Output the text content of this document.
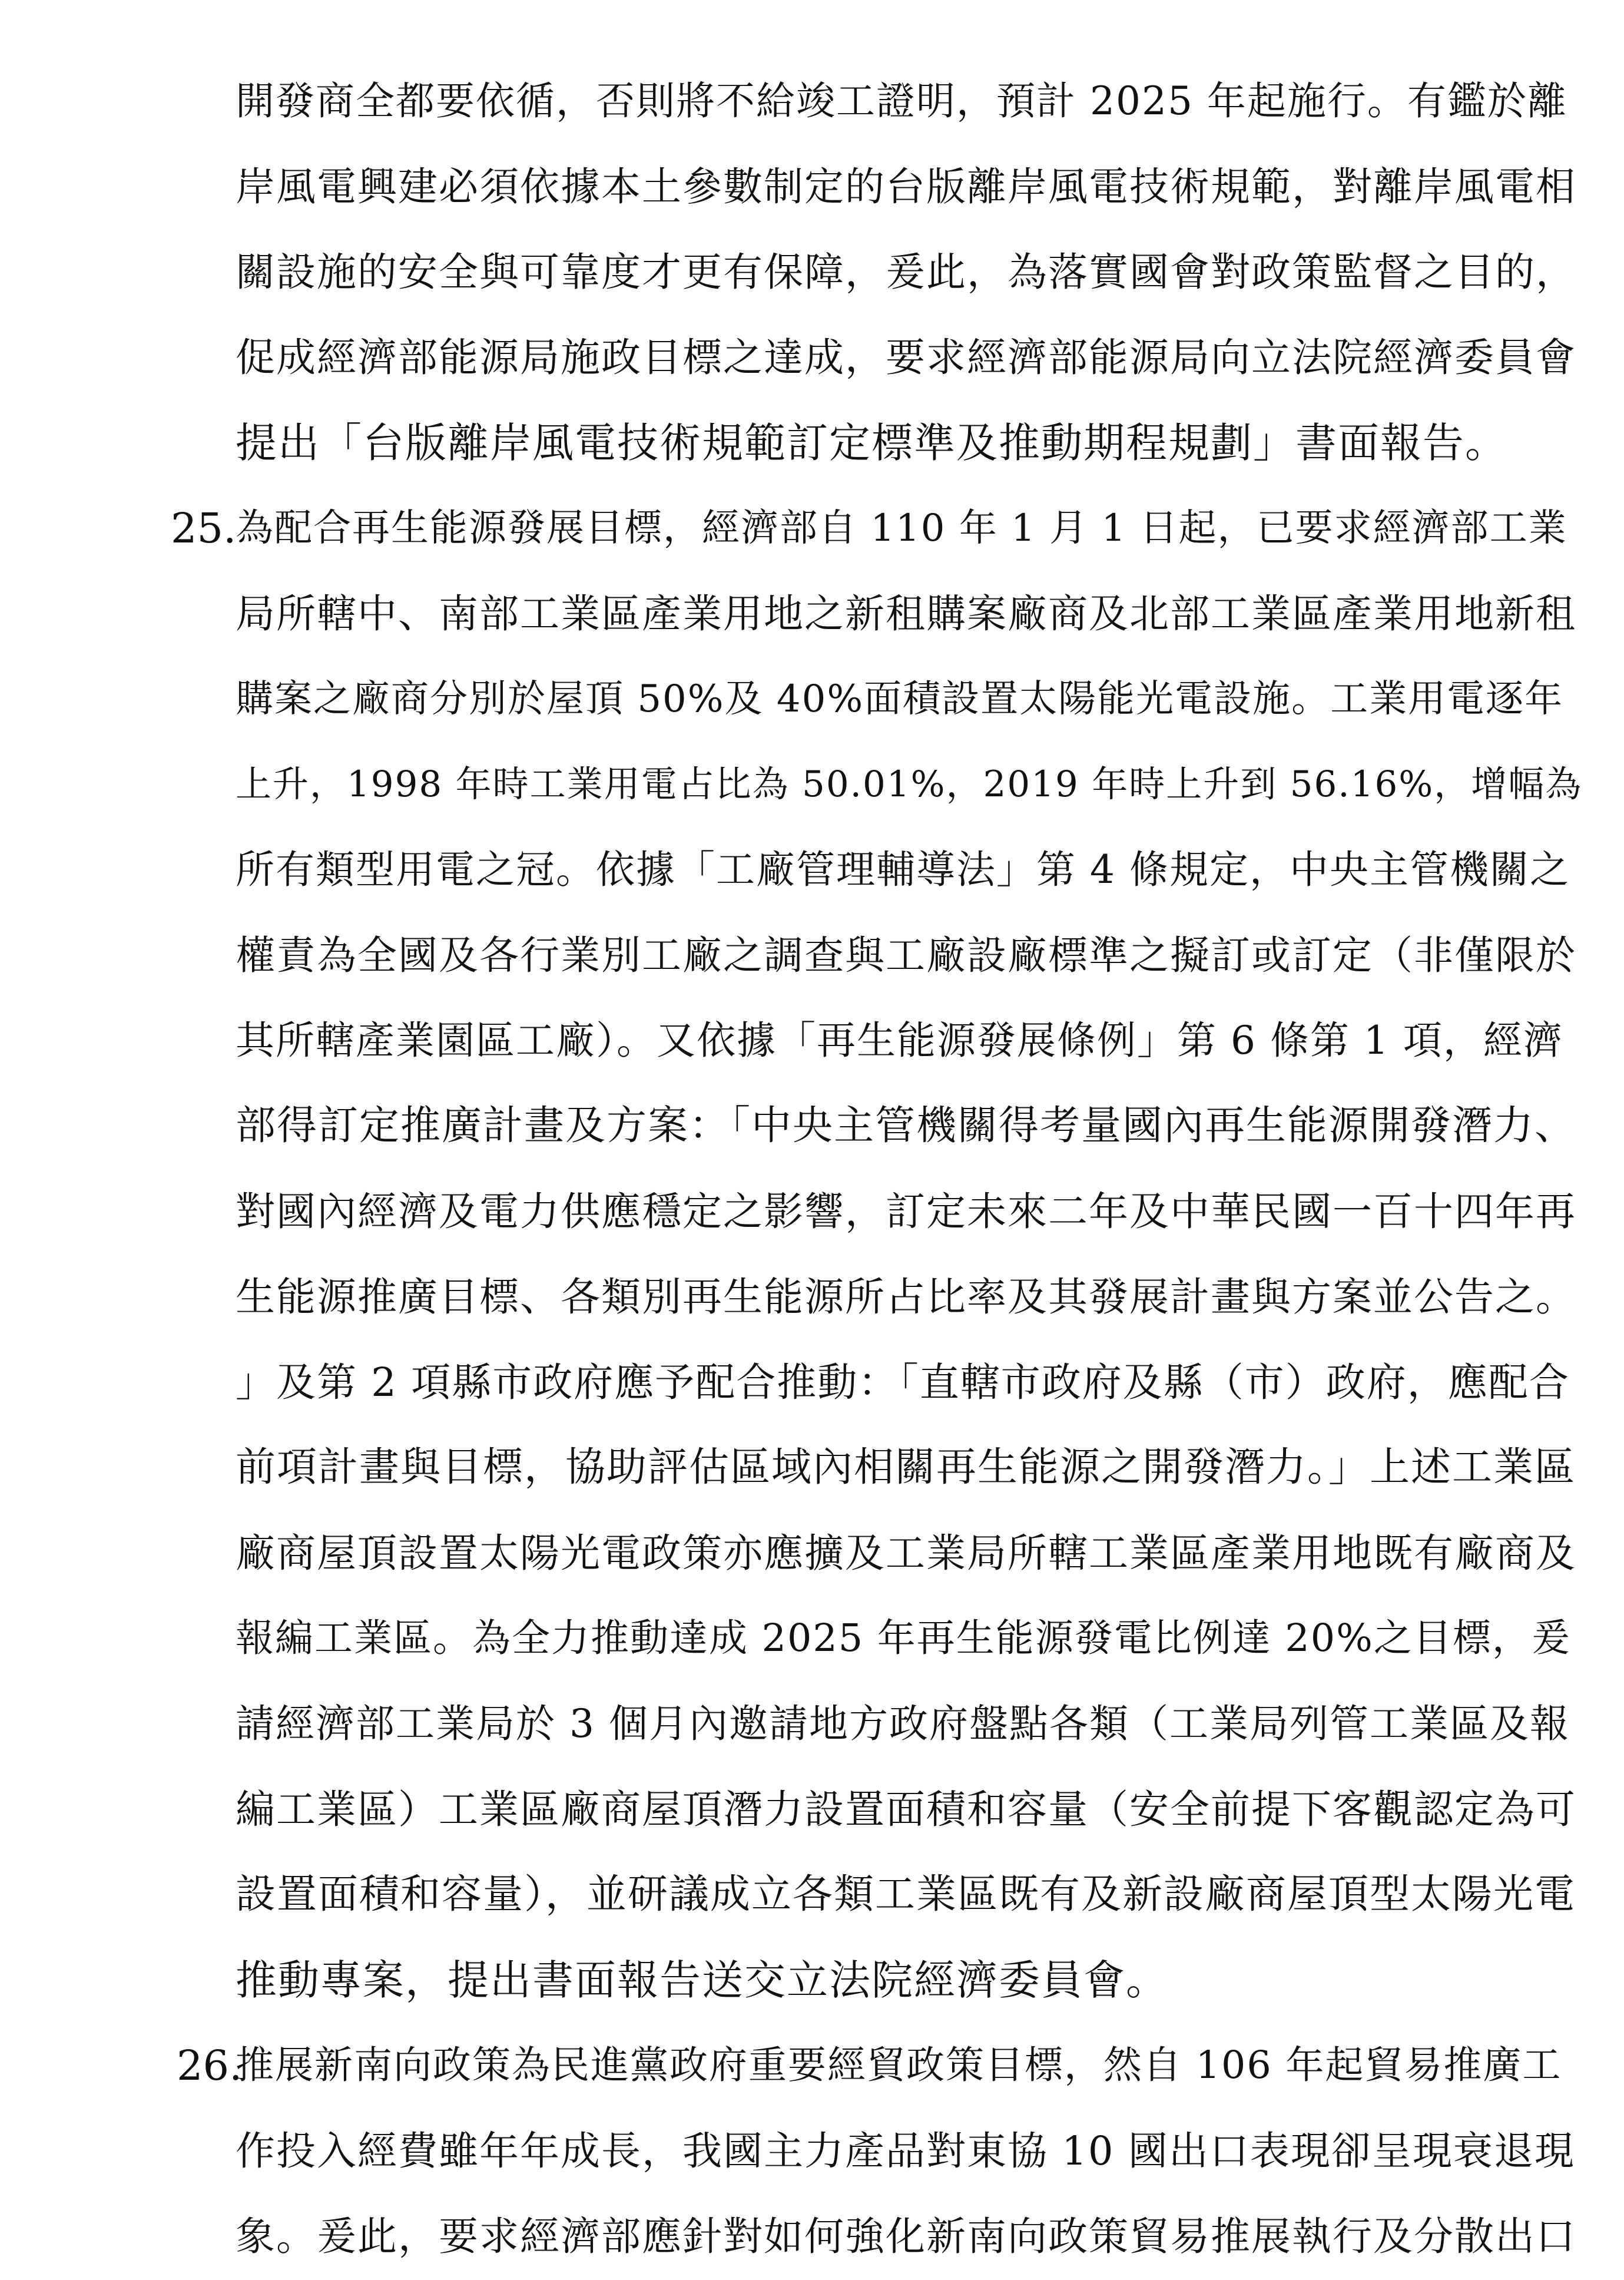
開發商全都要依循，否則將不給竣工證明，預計 2025 年起施行。有鑑於離
岸風電興建必須依據本土參數制定的台版離岸風電技術規範，對離岸風電相
關設施的安全與可靠度才更有保障，爰此，為落實國會對政策監督之目的，
促成經濟部能源局施政目標之達成，要求經濟部能源局向立法院經濟委員會
提出「台版離岸風電技術規範訂定標準及推動期程規劃」書面報告。
25.
為配合再生能源發展目標，經濟部自 110 年 1 月 1 日起，已要求經濟部工業
局所轄中、南部工業區產業用地之新租購案廠商及北部工業區產業用地新租
購案之廠商分別於屋頂 50%及 40%面積設置太陽能光電設施。工業用電逐年
上升，1998 年時工業用電占比為 50.01%，2019 年時上升到 56.16%，增幅為
所有類型用電之冠。依據「工廠管理輔導法」第 4 條規定，中央主管機關之
權責為全國及各行業別工廠之調查與工廠設廠標準之擬訂或訂定（非僅限於
其所轄產業園區工廠）。又依據「再生能源發展條例」第 6 條第 1 項，經濟
部得訂定推廣計畫及方案：「中央主管機關得考量國內再生能源開發潛力、
對國內經濟及電力供應穩定之影響，訂定未來二年及中華民國一百十四年再
生能源推廣目標、各類別再生能源所占比率及其發展計畫與方案並公告之。
」及第 2 項縣市政府應予配合推動：「直轄市政府及縣（市）政府，應配合
前項計畫與目標，協助評估區域內相關再生能源之開發潛力。」上述工業區
廠商屋頂設置太陽光電政策亦應擴及工業局所轄工業區產業用地既有廠商及
報編工業區。為全力推動達成 2025 年再生能源發電比例達 20%之目標，爰
請經濟部工業局於 3 個月內邀請地方政府盤點各類（工業局列管工業區及報
編工業區）工業區廠商屋頂潛力設置面積和容量（安全前提下客觀認定為可
設置面積和容量），並研議成立各類工業區既有及新設廠商屋頂型太陽光電
推動專案，提出書面報告送交立法院經濟委員會。
26.
推展新南向政策為民進黨政府重要經貿政策目標，然自 106 年起貿易推廣工
作投入經費雖年年成長，我國主力產品對東協 10 國出口表現卻呈現衰退現
象。爰此，要求經濟部應針對如何強化新南向政策貿易推展執行及分散出口
